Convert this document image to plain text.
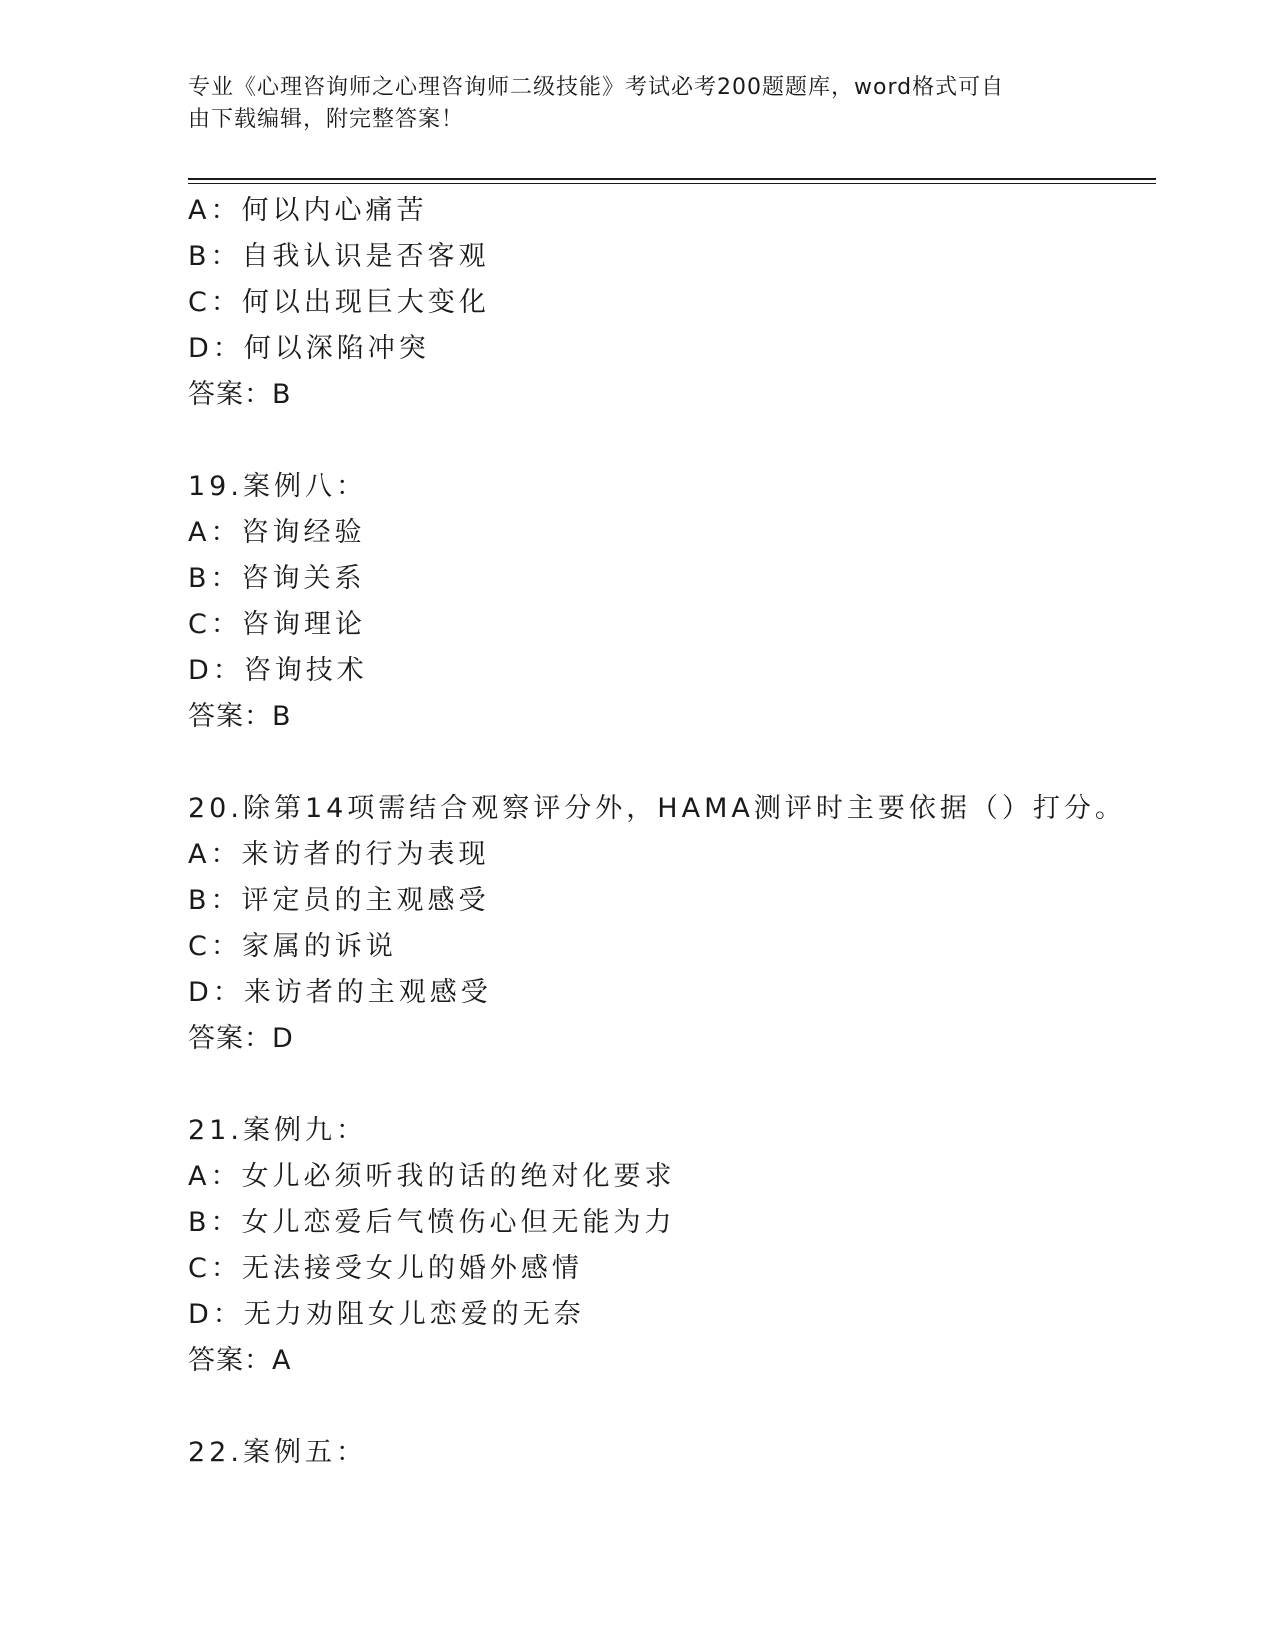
专业《心理咨询师之心理咨询师二级技能》考试必考200题题库，word格式可自
由下载编辑，附完整答案！
A：何以内心痛苦
B：自我认识是否客观
C：何以出现巨大变化
D：何以深陷冲突
答案：B
19.案例八：
A：咨询经验
B：咨询关系
C：咨询理论
D：咨询技术
答案：B
20.除第14项需结合观察评分外，HAMA测评时主要依据（）打分。
A：来访者的行为表现
B：评定员的主观感受
C：家属的诉说
D：来访者的主观感受
答案：D
21.案例九：
A：女儿必须听我的话的绝对化要求
B：女儿恋爱后气愤伤心但无能为力
C：无法接受女儿的婚外感情
D：无力劝阻女儿恋爱的无奈
答案：A
22.案例五：
